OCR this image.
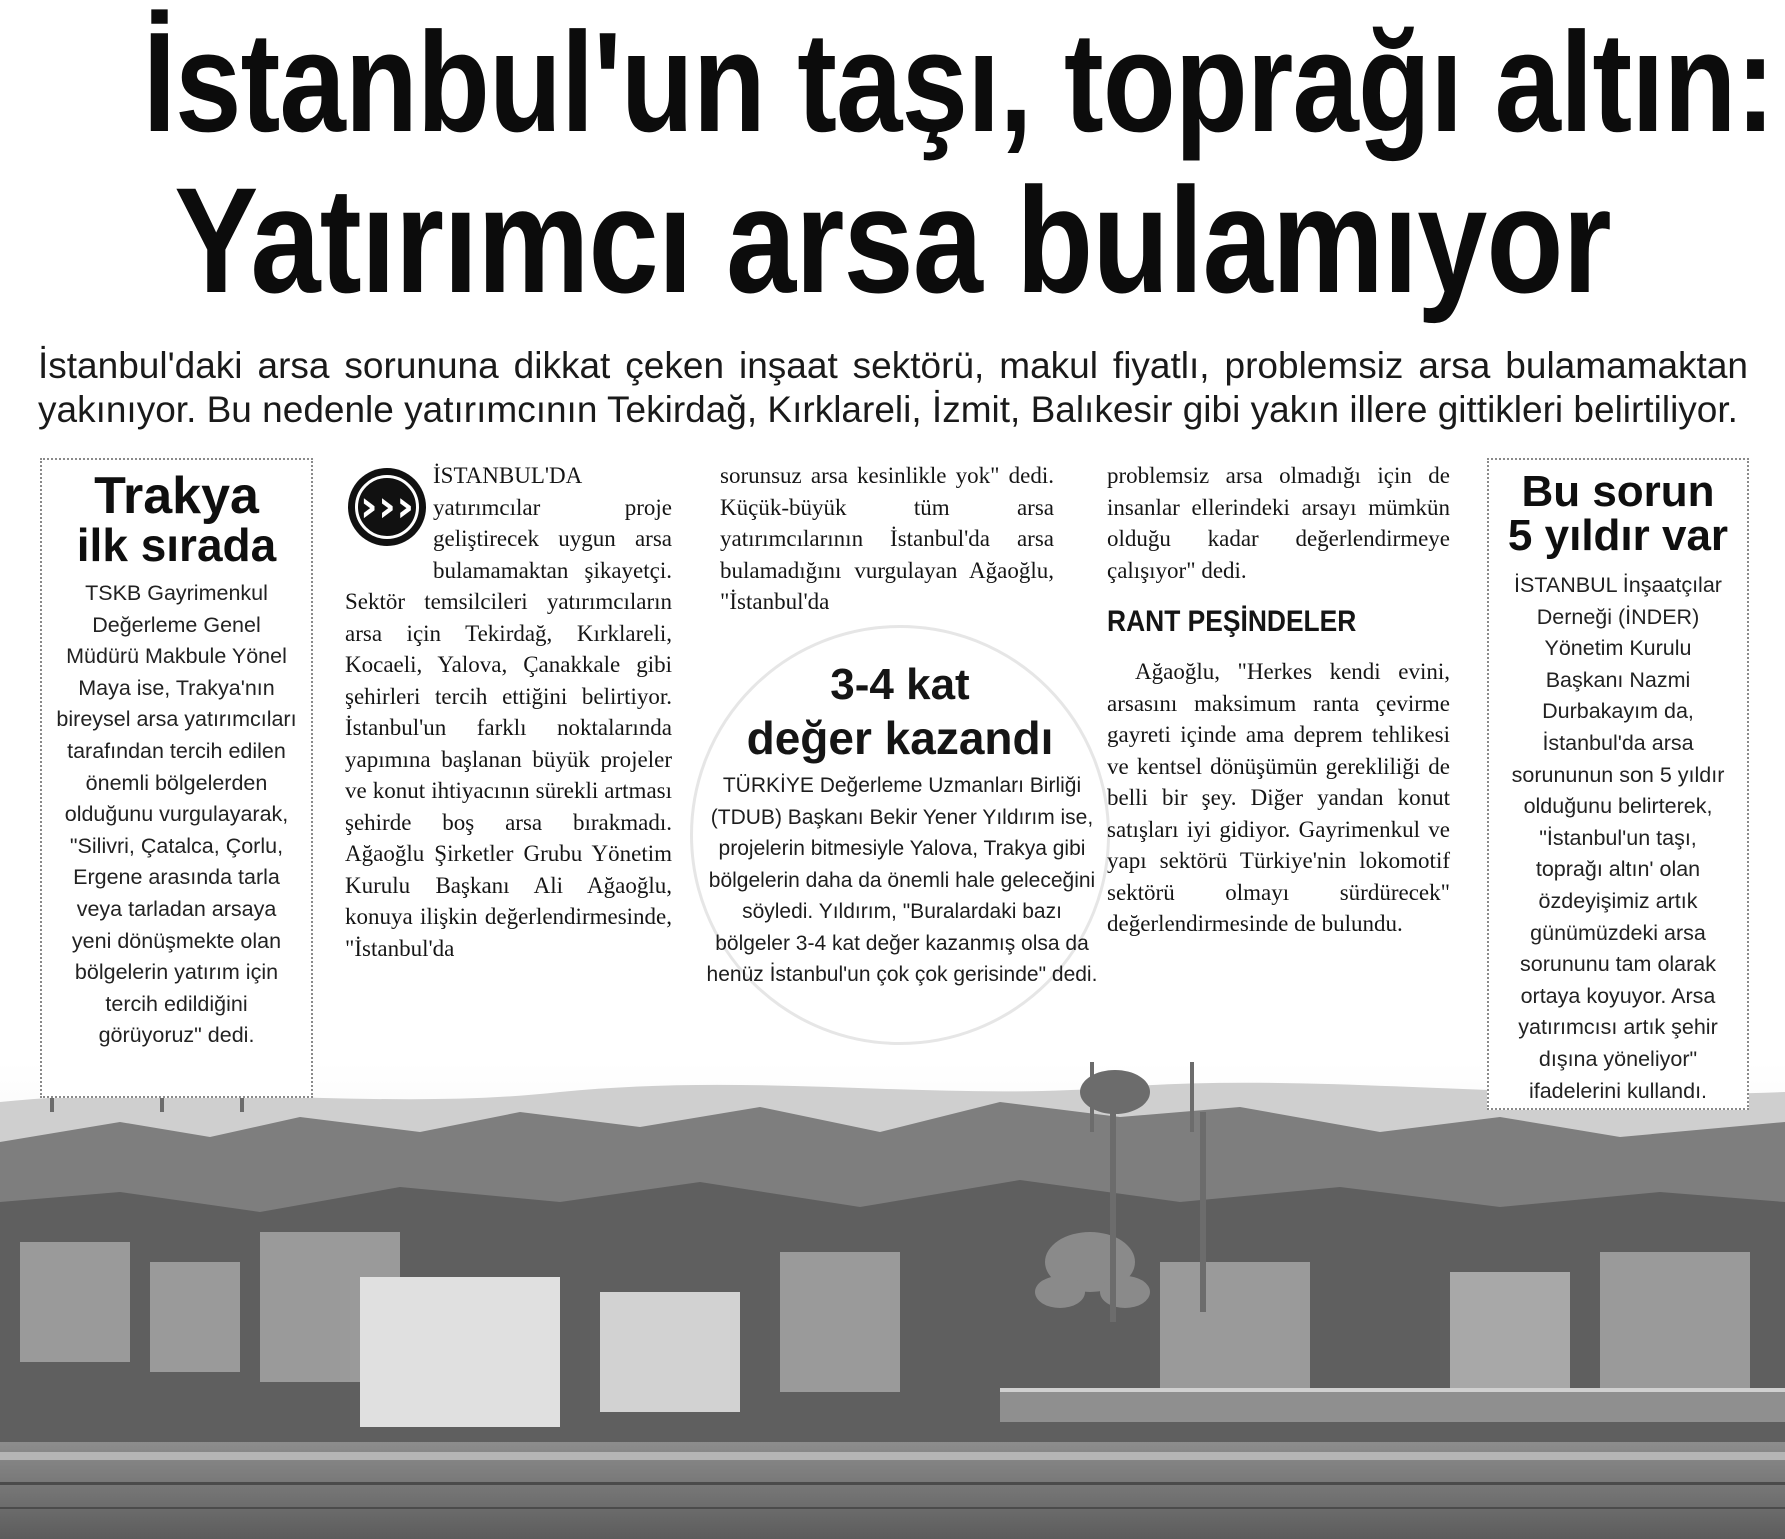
İstanbul'un taşı, toprağı altın:
Yatırımcı arsa bulamıyor

İstanbul'daki arsa sorununa dikkat çeken inşaat sektörü, makul fiyatlı, problemsiz arsa bulamamaktan yakınıyor. Bu nedenle yatırımcının Tekirdağ, Kırklareli, İzmit, Balıkesir gibi yakın illere gittikleri belirtiliyor.

Trakya
ilk sırada

TSKB Gayrimenkul Değerleme Genel Müdürü Makbule Yönel Maya ise, Trakya'nın bireysel arsa yatırımcıları tarafından tercih edilen önemli bölgelerden olduğunu vurgulayarak, "Silivri, Çatalca, Çorlu, Ergene arasında tarla veya tarladan arsaya yeni dönüşmekte olan bölgelerin yatırım için tercih edildiğini görüyoruz" dedi.

›››
İSTANBUL'DA yatırımcılar proje geliştirecek uygun arsa bulamamaktan şikayetçi. Sektör temsilcileri yatırımcıların arsa için Tekirdağ, Kırklareli, Kocaeli, Yalova, Çanakkale gibi şehirleri tercih ettiğini belirtiyor. İstanbul'un farklı noktalarında yapımına başlanan büyük projeler ve konut ihtiyacının sürekli artması şehirde boş arsa bırakmadı. Ağaoğlu Şirketler Grubu Yönetim Kurulu Başkanı Ali Ağaoğlu, konuya ilişkin değerlendirmesinde, "İstanbul'da

sorunsuz arsa kesinlikle yok" dedi. Küçük-büyük tüm arsa yatırımcılarının İstanbul'da arsa bulamadığını vurgulayan Ağaoğlu, "İstanbul'da

3-4 kat
değer kazandı

TÜRKİYE Değerleme Uzmanları Birliği (TDUB) Başkanı Bekir Yener Yıldırım ise, projelerin bitmesiyle Yalova, Trakya gibi bölgelerin daha da önemli hale geleceğini söyledi. Yıldırım, "Buralardaki bazı bölgeler 3-4 kat değer kazanmış olsa da henüz İstanbul'un çok çok gerisinde" dedi.

problemsiz arsa olmadığı için de insanlar ellerindeki arsayı mümkün olduğu kadar değerlendirmeye çalışıyor" dedi.

RANT PEŞİNDELER

Ağaoğlu, "Herkes kendi evini, arsasını maksimum ranta çevirme gayreti içinde ama deprem tehlikesi ve kentsel dönüşümün gerekliliği de belli bir şey. Diğer yandan konut satışları iyi gidiyor. Gayrimenkul ve yapı sektörü Türkiye'nin lokomotif sektörü olmayı sürdürecek" değerlendirmesinde de bulundu.

Bu sorun
5 yıldır var

İSTANBUL İnşaatçılar Derneği (İNDER) Yönetim Kurulu Başkanı Nazmi Durbakayım da, İstanbul'da arsa sorununun son 5 yıldır olduğunu belirterek, "İstanbul'un taşı, toprağı altın' olan özdeyişimiz artık günümüzdeki arsa sorununu tam olarak ortaya koyuyor. Arsa yatırımcısı artık şehir dışına yöneliyor" ifadelerini kullandı.
